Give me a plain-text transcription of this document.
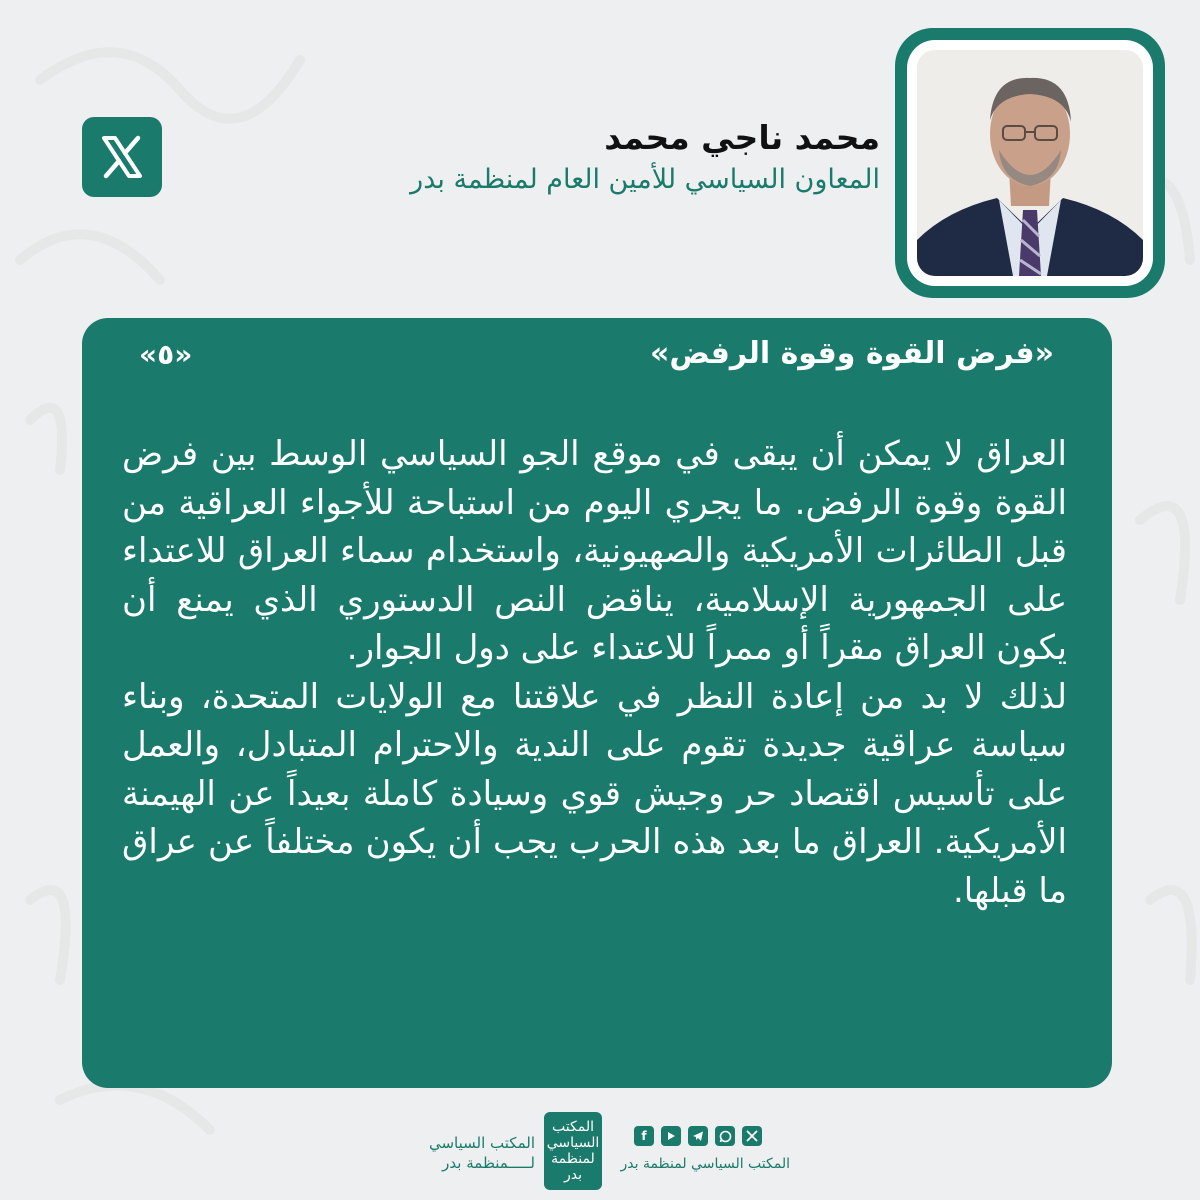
محمد ناجي محمد
المعاون السياسي للأمين العام لمنظمة بدر
«فرض القوة وقوة الرفض»
«٥»

العراق لا يمكن أن يبقى في موقع الجو السياسي الوسط بين فرض القوة وقوة الرفض. ما يجري اليوم من استباحة للأجواء العراقية من قبل الطائرات الأمريكية والصهيونية، واستخدام سماء العراق للاعتداء على الجمهورية الإسلامية، يناقض النص الدستوري الذي يمنع أن يكون العراق مقراً أو ممراً للاعتداء على دول الجوار.

لذلك لا بد من إعادة النظر في علاقتنا مع الولايات المتحدة، وبناء سياسة عراقية جديدة تقوم على الندية والاحترام المتبادل، والعمل على تأسيس اقتصاد حر وجيش قوي وسيادة كاملة بعيداً عن الهيمنة الأمريكية. العراق ما بعد هذه الحرب يجب أن يكون مختلفاً عن عراق ما قبلها.

المكتب السياسي
لـــــمنظمة بدر
المكتب السياسي لمنظمة بدر
f
المكتب السياسي لمنظمة بدر
